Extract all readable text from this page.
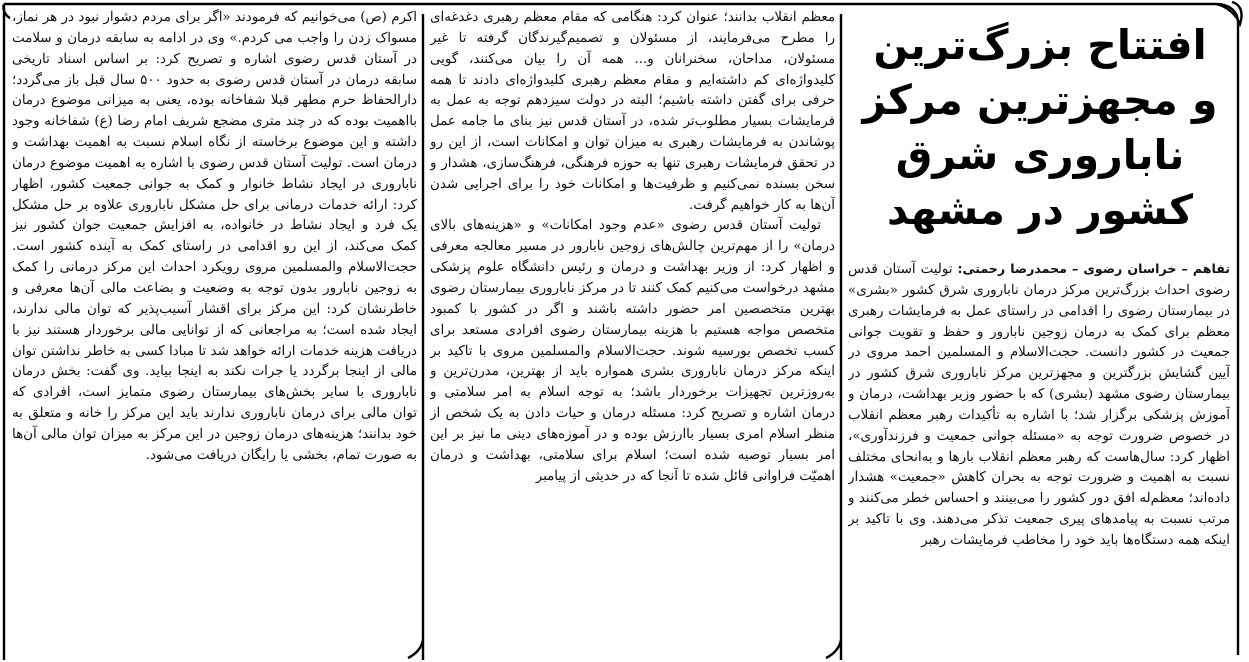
افتتاح بزرگ‌ترین و مجهزترین مرکز ناباروری شرق کشور در مشهد

تفاهم – خراسان رضوی – محمدرضا رحمتی: تولیت آستان قدس رضوی احداث بزرگ‌ترین مرکز درمان ناباروری شرق کشور «بشری» در بیمارستان رضوی را اقدامی در راستای عمل به فرمایشات رهبری معظم برای کمک به درمان زوجین نابارور و حفظ و تقویت جوانی جمعیت در کشور دانست. حجت‌الاسلام و المسلمین احمد مروی در آیین گشایش بزرگترین و مجهزترین مرکز ناباروری شرق کشور در بیمارستان رضوی مشهد (بشری) که با حضور وزیر بهداشت، درمان و آموزش پزشکی برگزار شد؛ با اشاره به تأکیدات رهبر معظم انقلاب در خصوص ضرورت توجه به «مسئله جوانی جمعیت و فرزندآوری»، اظهار کرد: سال‌هاست که رهبر معظم انقلاب بارها و به‌انحای مختلف نسبت به اهمیت و ضرورت توجه به بحران کاهش «جمعیت» هشدار داده‌اند؛ معظم‌له افق دور کشور را می‌بینند و احساس خطر می‌کنند و مرتب نسبت به پیامدهای پیری جمعیت تذکر می‌دهند. وی با تاکید بر اینکه همه دستگاه‌ها باید خود را مخاطب فرمایشات رهبر

معظم انقلاب بدانند؛ عنوان کرد: هنگامی که مقام معظم رهبری دغدغه‌ای را مطرح می‌فرمایند، از مسئولان و تصمیم‌گیرندگان گرفته تا غیر مسئولان، مداحان، سخنرانان و... همه آن را بیان می‌کنند، گویی کلیدواژه‌ای کم داشته‌ایم و مقام معظم رهبری کلیدواژه‌ای دادند تا همه حرفی برای گفتن داشته باشیم؛ البته در دولت سیزدهم توجه به عمل به فرمایشات بسیار مطلوب‌تر شده، در آستان قدس نیز بنای ما جامه عمل پوشاندن به فرمایشات رهبری به میزان توان و امکانات است، از این رو در تحقق فرمایشات رهبری تنها به حوزه فرهنگی، فرهنگ‌سازی، هشدار و سخن بسنده نمی‌کنیم و ظرفیت‌ها و امکانات خود را برای اجرایی شدن آن‌ها به کار خواهیم گرفت.

تولیت آستان قدس رضوی «عدم وجود امکانات» و «هزینه‌های بالای درمان» را از مهم‌ترین چالش‌های زوجین نابارور در مسیر معالجه معرفی و اظهار کرد: از وزیر بهداشت و درمان و رئیس دانشگاه علوم پزشکی مشهد درخواست می‌کنیم کمک کنند تا در مرکز ناباروری بیمارستان رضوی بهترین متخصصین امر حضور داشته باشند و اگر در کشور با کمبود متخصص مواجه هستیم با هزینه بیمارستان رضوی افرادی مستعد برای کسب تخصص بورسیه شوند. حجت‌الاسلام والمسلمین مروی با تاکید بر اینکه مرکز درمان ناباروری بشری همواره باید از بهترین، مدرن‌ترین و به‌روزترین تجهیزات برخوردار باشد؛ به توجه اسلام به امر سلامتی و درمان اشاره و تصریح کرد: مسئله درمان و حیات دادن به یک شخص از منظر اسلام امری بسیار باارزش بوده و در آموزه‌های دینی ما نیز بر این امر بسیار توصیه شده است؛ اسلام برای سلامتی، بهداشت و درمان اهمیّت فراوانی قائل شده تا آنجا که در حدیثی از پیامبر

اکرم (ص) می‌خوانیم که فرمودند «اگر برای مردم دشوار نبود در هر نماز، مسواک زدن را واجب می کردم.» وی در ادامه به سابقه درمان و سلامت در آستان قدس رضوی اشاره و تصریح کرد: بر اساس اسناد تاریخی سابقه درمان در آستان قدس رضوی به حدود ۵۰۰ سال قبل باز می‌گردد؛ دارالحفاظ حرم مطهر قبلا شفاخانه بوده، یعنی به میزانی موضوع درمان بااهمیت بوده که در چند متری مضجع شریف امام رضا (ع) شفاخانه وجود داشته و این موضوع برخاسته از نگاه اسلام نسبت به اهمیت بهداشت و درمان است. تولیت آستان قدس رضوی با اشاره به اهمیت موضوع درمان ناباروری در ایجاد نشاط خانوار و کمک به جوانی جمعیت کشور، اظهار کرد: ارائه خدمات درمانی برای حل مشکل ناباروری علاوه بر حل مشکل یک فرد و ایجاد نشاط در خانواده، به افزایش جمعیت جوان کشور نیز کمک می‌کند، از این رو اقدامی در راستای کمک به آینده کشور است. حجت‌الاسلام والمسلمین مروی رویکرد احداث این مرکز درمانی را کمک به زوجین نابارور بدون توجه به وضعیت و بضاعت مالی آن‌ها معرفی و خاطرنشان کرد: این مرکز برای اقشار آسیب‌پذیر که توان مالی ندارند، ایجاد شده است؛ به مراجعانی که از توانایی مالی برخوردار هستند نیز با دریافت هزینه خدمات ارائه خواهد شد تا مبادا کسی به خاطر نداشتن توان مالی از اینجا برگردد یا جرات نکند به اینجا بیاید. وی گفت: بخش درمان ناباروری با سایر بخش‌های بیمارستان رضوی متمایز است، افرادی که توان مالی برای درمان ناباروری ندارند باید این مرکز را خانه و متعلق به خود بدانند؛ هزینه‌های درمان زوجین در این مرکز به میزان توان مالی آن‌ها به صورت تمام، بخشی یا رایگان دریافت می‌شود.
